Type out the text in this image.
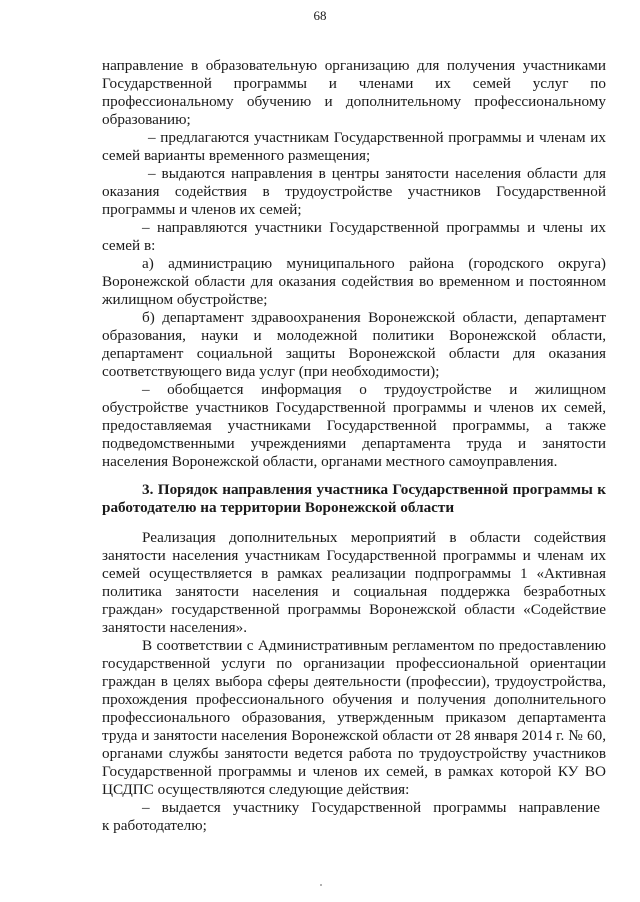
68
направление в образовательную организацию для получения участниками
Государственной программы и членами их семей услуг по
профессиональному обучению и дополнительному профессиональному
образованию;
– предлагаются участникам Государственной программы и членам их
семей варианты временного размещения;
– выдаются направления в центры занятости населения области для
оказания содействия в трудоустройстве участников Государственной
программы и членов их семей;
– направляются участники Государственной программы и члены их
семей в:
а) администрацию муниципального района (городского округа)
Воронежской области для оказания содействия во временном и постоянном
жилищном обустройстве;
б) департамент здравоохранения Воронежской области, департамент
образования, науки и молодежной политики Воронежской области,
департамент социальной защиты Воронежской области для оказания
соответствующего вида услуг (при необходимости);
– обобщается информация о трудоустройстве и жилищном
обустройстве участников Государственной программы и членов их семей,
предоставляемая участниками Государственной программы, а также
подведомственными учреждениями департамента труда и занятости
населения Воронежской области, органами местного самоуправления.
3. Порядок направления участника Государственной программы к
работодателю на территории Воронежской области
Реализация дополнительных мероприятий в области содействия
занятости населения участникам Государственной программы и членам их
семей осуществляется в рамках реализации подпрограммы 1 «Активная
политика занятости населения и социальная поддержка безработных
граждан» государственной программы Воронежской области «Содействие
занятости населения».
В соответствии с Административным регламентом по предоставлению
государственной услуги по организации профессиональной ориентации
граждан в целях выбора сферы деятельности (профессии), трудоустройства,
прохождения профессионального обучения и получения дополнительного
профессионального образования, утвержденным приказом департамента
труда и занятости населения Воронежской области от 28 января 2014 г. № 60,
органами службы занятости ведется работа по трудоустройству участников
Государственной программы и членов их семей, в рамках которой КУ ВО
ЦСДПС осуществляются следующие действия:
– выдается участнику Государственной программы направление
к работодателю;
